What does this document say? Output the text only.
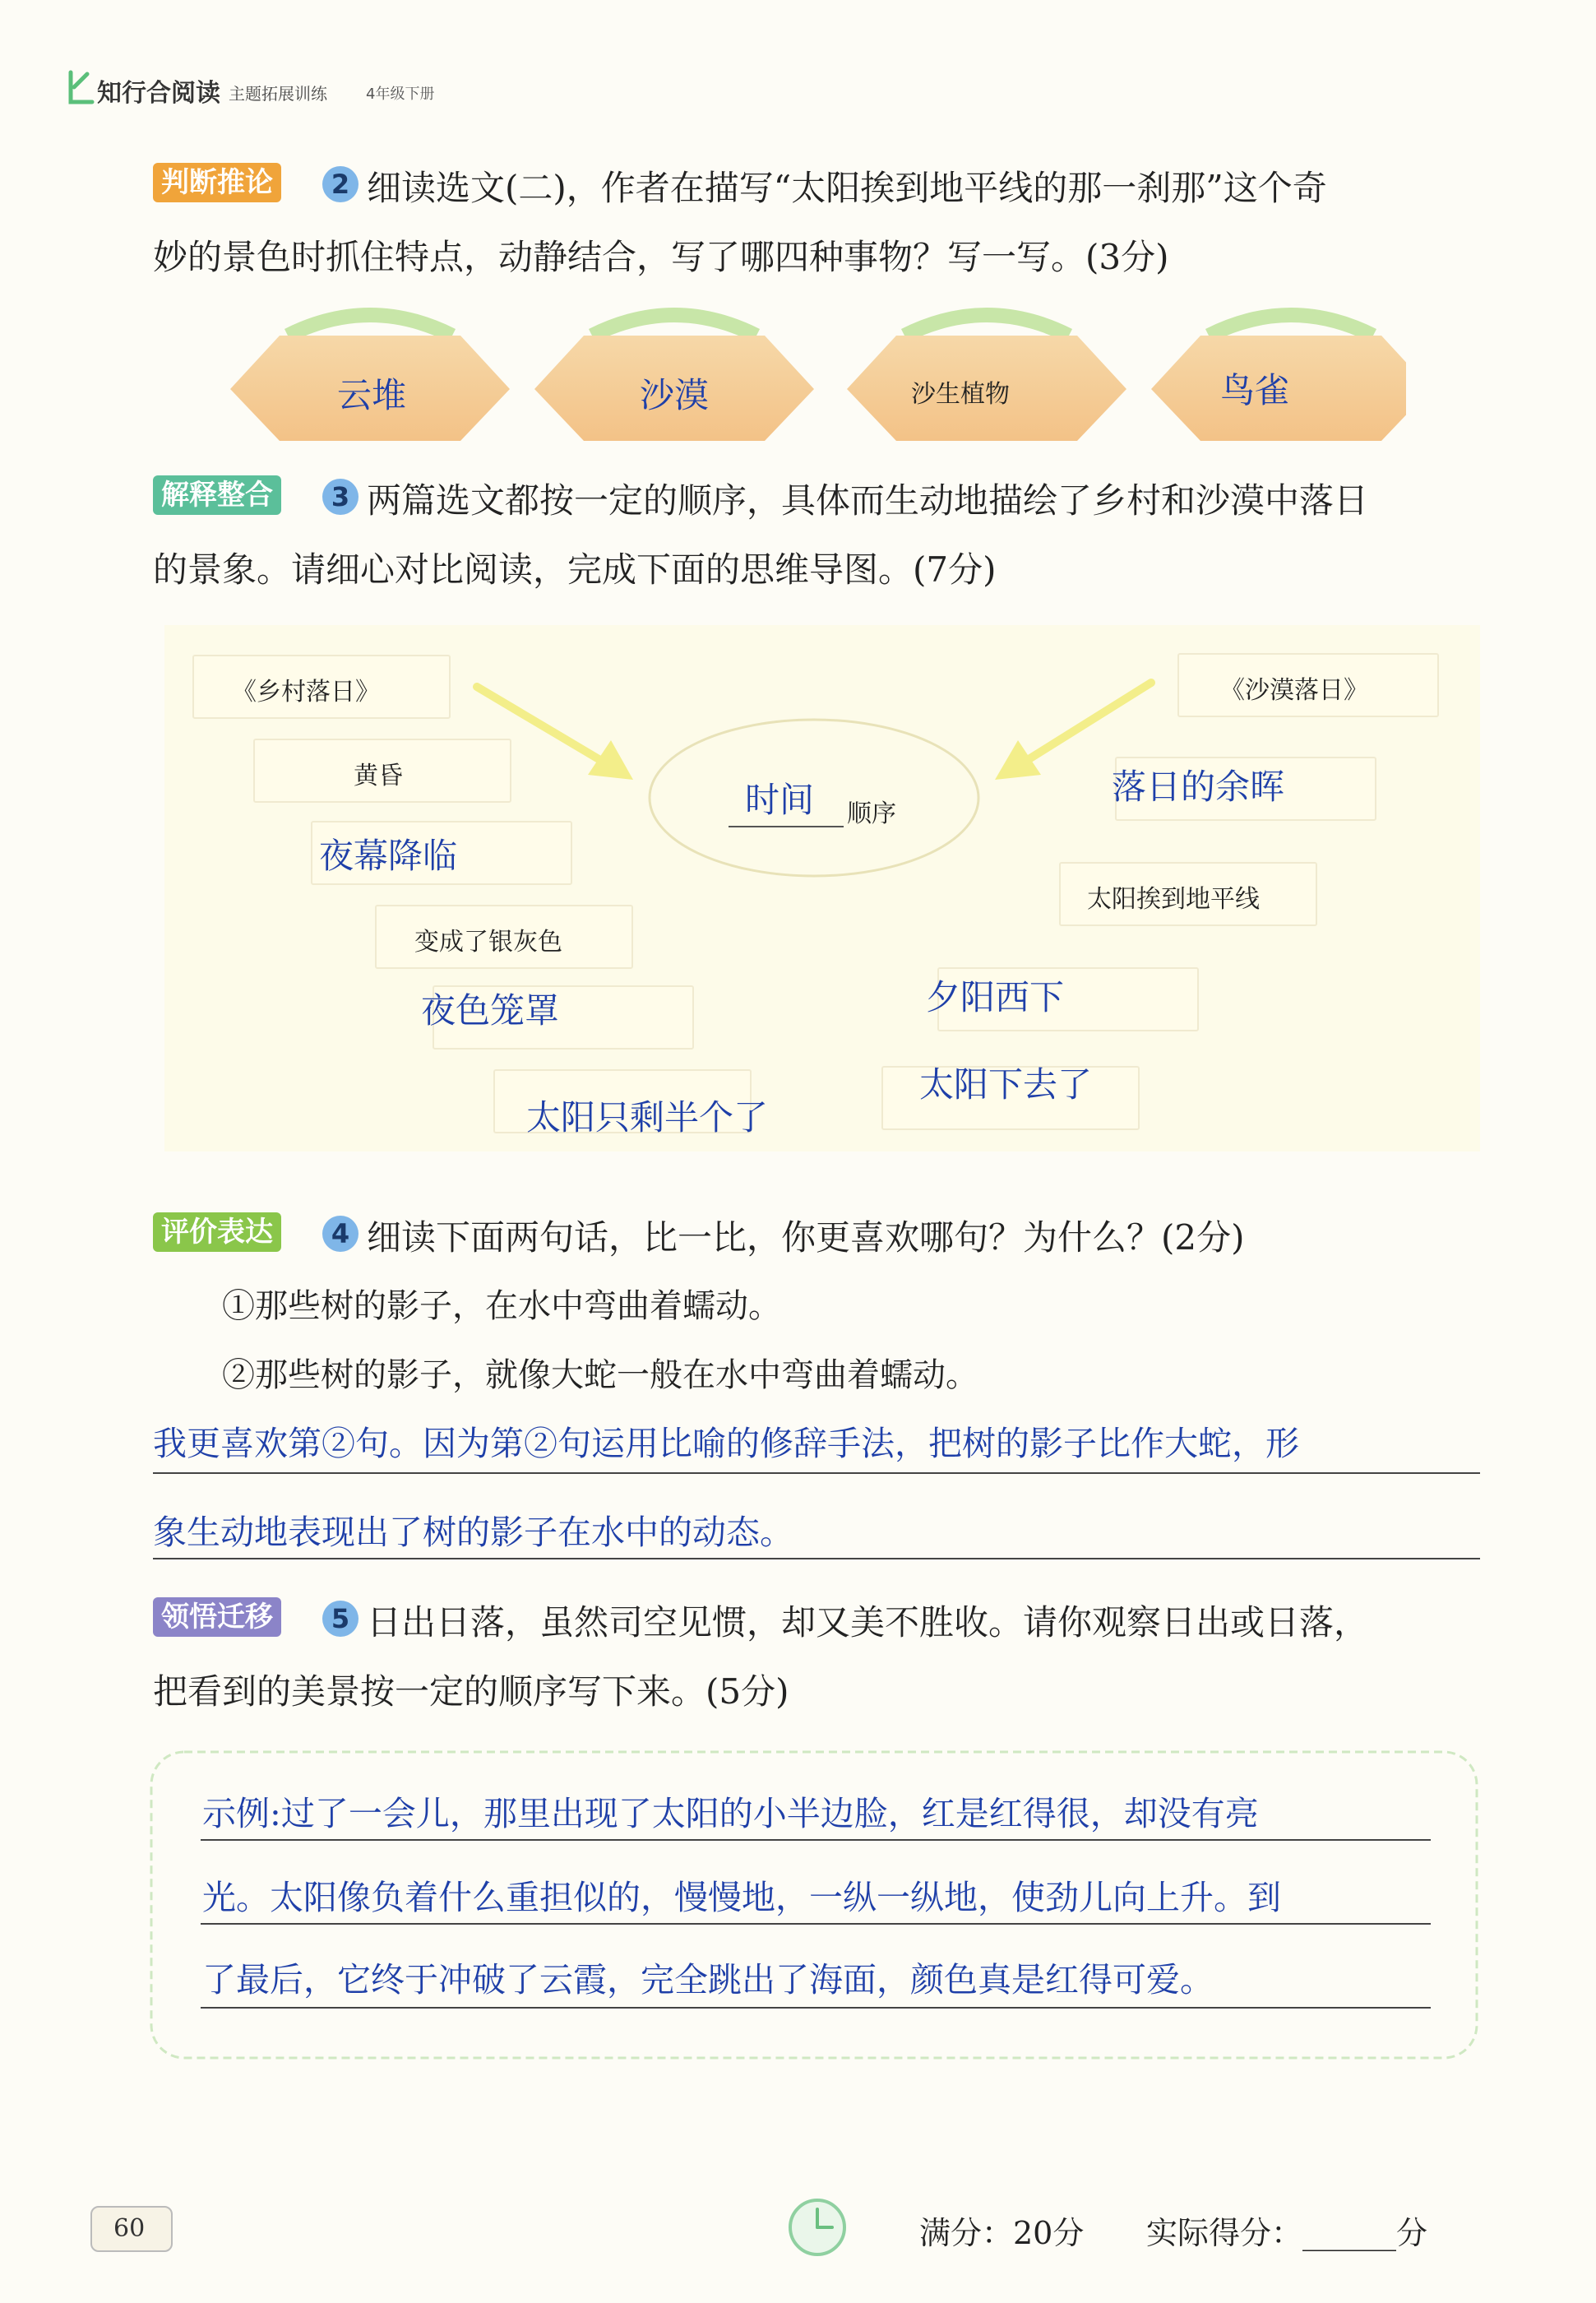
知行合阅读 主题拓展训练	4年级下册
判断推论	2 细读选文(二)，作者在描写“太阳挨到地平线的那一刹那”这个奇
妙的景色时抓住特点，动静结合，写了哪四种事物？写一写。(3分)
云堆	沙漠	沙生植物	鸟雀
解释整合	3 两篇选文都按一定的顺序，具体而生动地描绘了乡村和沙漠中落日
的景象。请细心对比阅读，完成下面的思维导图。(7分)
时间 顺序
《乡村落日》	《沙漠落日》
黄昏
夜幕降临
变成了银灰色
夜色笼罩
太阳只剩半个了
落日的余晖
太阳挨到地平线
夕阳西下
太阳下去了
评价表达	4 细读下面两句话，比一比，你更喜欢哪句？为什么？(2分)
①那些树的影子，在水中弯曲着蠕动。
②那些树的影子，就像大蛇一般在水中弯曲着蠕动。
我更喜欢第②句。因为第②句运用比喻的修辞手法，把树的影子比作大蛇，形
象生动地表现出了树的影子在水中的动态。
领悟迁移	5 日出日落，虽然司空见惯，却又美不胜收。请你观察日出或日落，
把看到的美景按一定的顺序写下来。(5分)
示例:过了一会儿，那里出现了太阳的小半边脸，红是红得很，却没有亮
光。太阳像负着什么重担似的，慢慢地，一纵一纵地，使劲儿向上升。到
了最后，它终于冲破了云霞，完全跳出了海面，颜色真是红得可爱。
60	满分：20分 实际得分：______分
